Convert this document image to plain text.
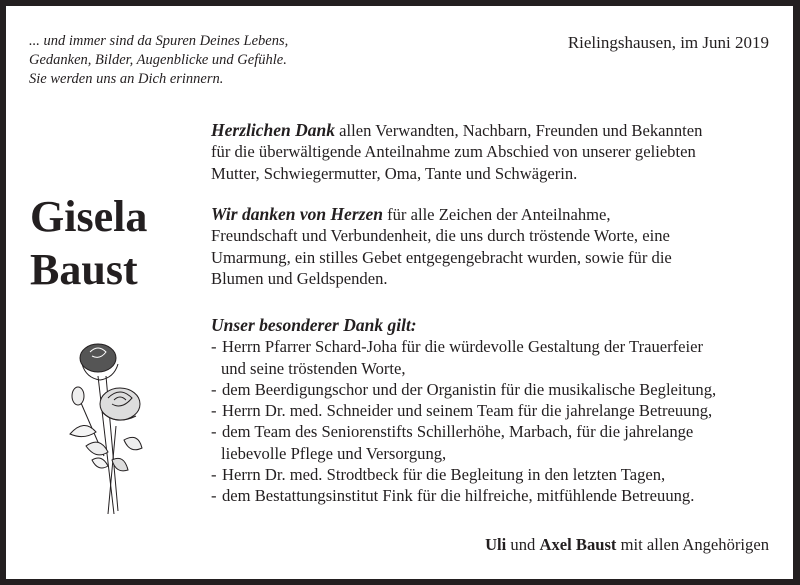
... und immer sind da Spuren Deines Lebens,
Gedanken, Bilder, Augenblicke und Gefühle.
Sie werden uns an Dich erinnern.
Rielingshausen, im Juni 2019
Gisela
Baust
Herzlichen Dank allen Verwandten, Nachbarn, Freunden und Bekannten
für die überwältigende Anteilnahme zum Abschied von unserer geliebten
Mutter, Schwiegermutter, Oma, Tante und Schwägerin.
Wir danken von Herzen für alle Zeichen der Anteilnahme,
Freundschaft und Verbundenheit, die uns durch tröstende Worte, eine
Umarmung, ein stilles Gebet entgegengebracht wurden, sowie für die
Blumen und Geldspenden.
Unser besonderer Dank gilt:
- Herrn Pfarrer Schard-Joha für die würdevolle Gestaltung der Trauerfeier
und seine tröstenden Worte,
- dem Beerdigungschor und der Organistin für die musikalische Begleitung,
- Herrn Dr. med. Schneider und seinem Team für die jahrelange Betreuung,
- dem Team des Seniorenstifts Schillerhöhe, Marbach, für die jahrelange
liebevolle Pflege und Versorgung,
- Herrn Dr. med. Strodtbeck für die Begleitung in den letzten Tagen,
- dem Bestattungsinstitut Fink für die hilfreiche, mitfühlende Betreuung.
Uli und Axel Baust mit allen Angehörigen
